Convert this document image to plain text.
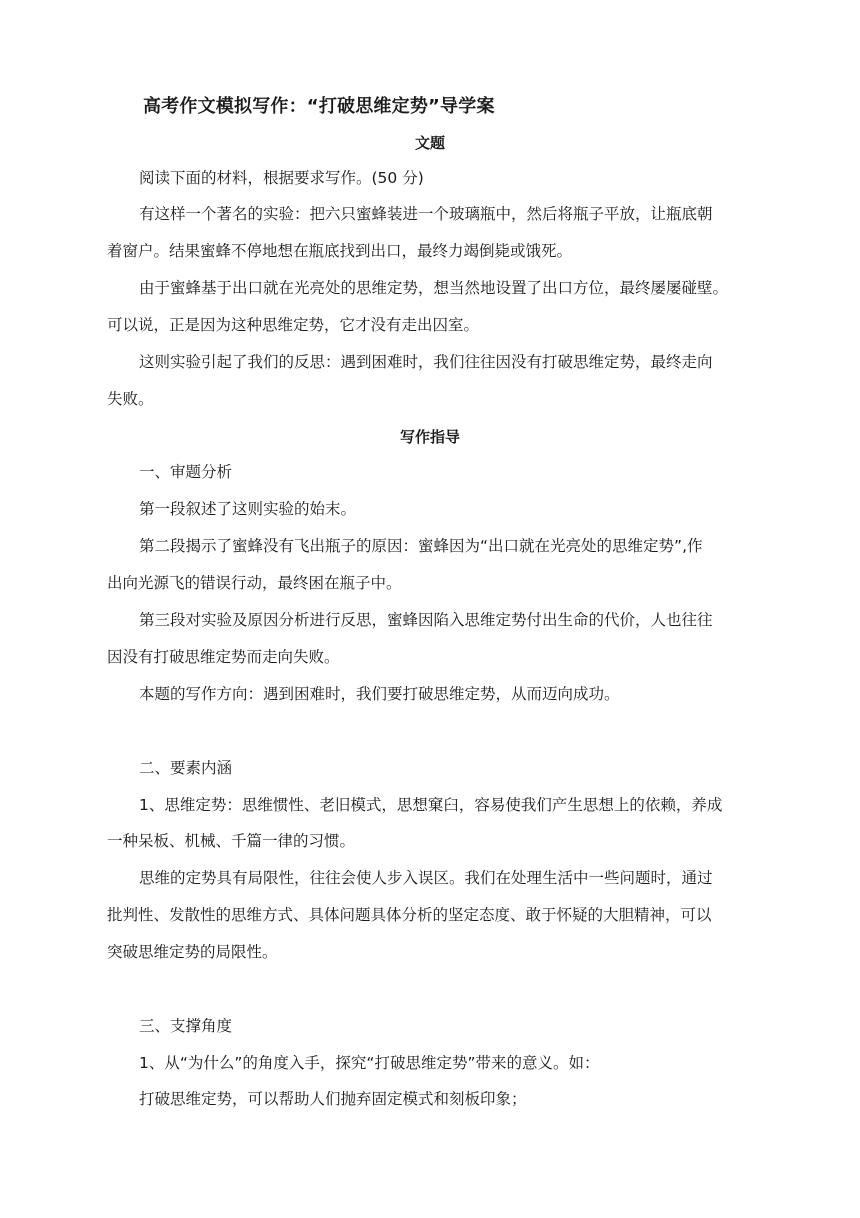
高考作文模拟写作：“打破思维定势”导学案
文题
阅读下面的材料，根据要求写作。(50 分)
有这样一个著名的实验：把六只蜜蜂装进一个玻璃瓶中，然后将瓶子平放，让瓶底朝
着窗户。结果蜜蜂不停地想在瓶底找到出口，最终力竭倒毙或饿死。
由于蜜蜂基于出口就在光亮处的思维定势，想当然地设置了出口方位，最终屡屡碰壁。
可以说，正是因为这种思维定势，它才没有走出囚室。
这则实验引起了我们的反思：遇到困难时，我们往往因没有打破思维定势，最终走向
失败。
写作指导
一、审题分析
第一段叙述了这则实验的始末。
第二段揭示了蜜蜂没有飞出瓶子的原因：蜜蜂因为“出口就在光亮处的思维定势”,作
出向光源飞的错误行动，最终困在瓶子中。
第三段对实验及原因分析进行反思，蜜蜂因陷入思维定势付出生命的代价，人也往往
因没有打破思维定势而走向失败。
本题的写作方向：遇到困难时，我们要打破思维定势，从而迈向成功。
二、要素内涵
1、思维定势：思维惯性、老旧模式，思想窠臼，容易使我们产生思想上的依赖，养成
一种呆板、机械、千篇一律的习惯。
思维的定势具有局限性，往往会使人步入误区。我们在处理生活中一些问题时，通过
批判性、发散性的思维方式、具体问题具体分析的坚定态度、敢于怀疑的大胆精神，可以
突破思维定势的局限性。
三、支撑角度
1、从“为什么”的角度入手，探究“打破思维定势”带来的意义。如：
打破思维定势，可以帮助人们抛弃固定模式和刻板印象；
